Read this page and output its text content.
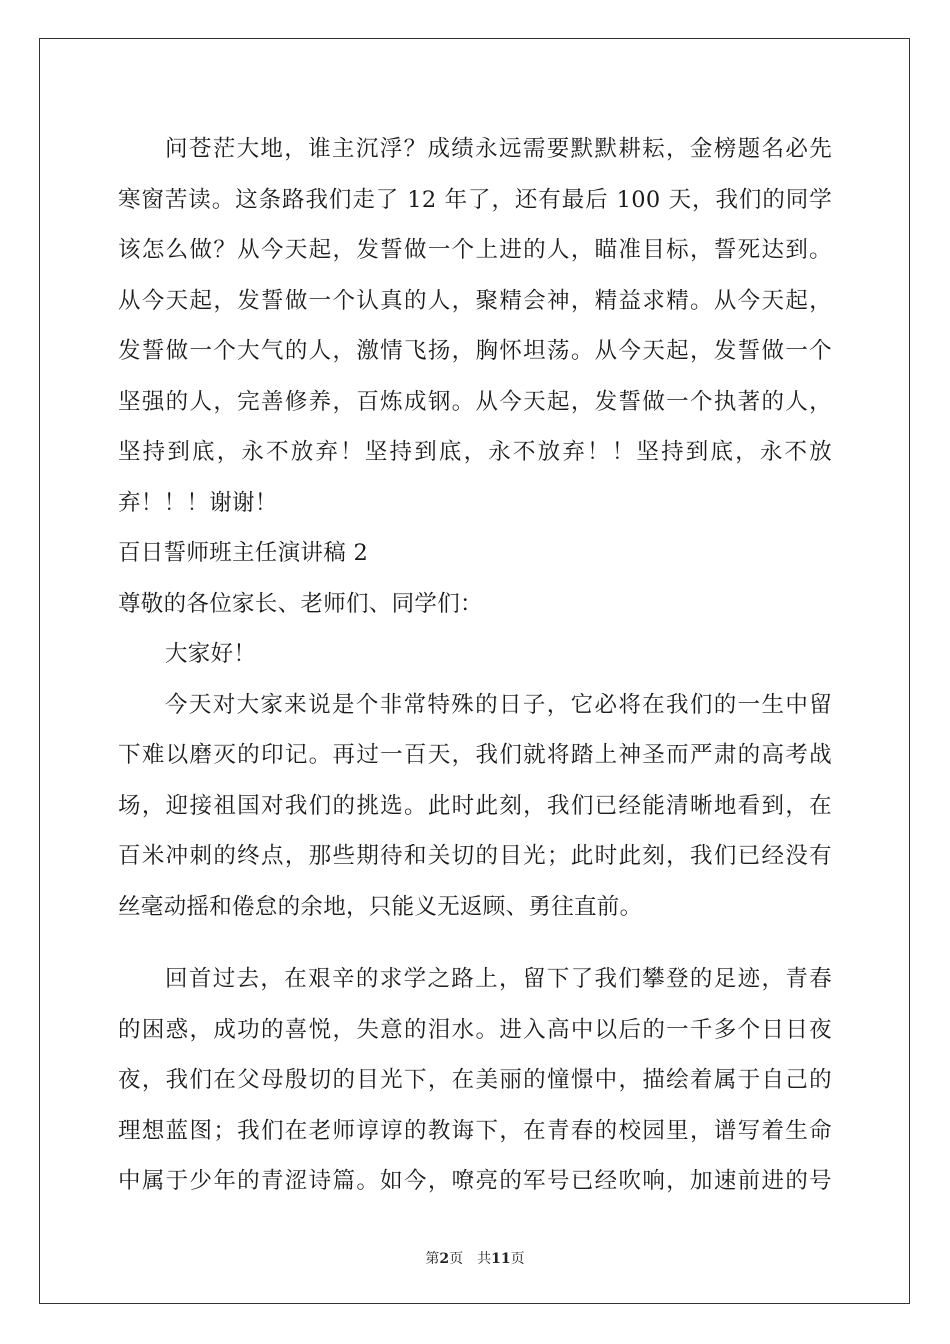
问苍茫大地，谁主沉浮？成绩永远需要默默耕耘，金榜题名必先
寒窗苦读。这条路我们走了 12 年了，还有最后 100 天，我们的同学
该怎么做？从今天起，发誓做一个上进的人，瞄准目标，誓死达到。
从今天起，发誓做一个认真的人，聚精会神，精益求精。从今天起，
发誓做一个大气的人，激情飞扬，胸怀坦荡。从今天起，发誓做一个
坚强的人，完善修养，百炼成钢。从今天起，发誓做一个执著的人，
坚持到底，永不放弃！坚持到底，永不放弃！！坚持到底，永不放
弃！！！谢谢！
百日誓师班主任演讲稿 2
尊敬的各位家长、老师们、同学们：
大家好！
今天对大家来说是个非常特殊的日子，它必将在我们的一生中留
下难以磨灭的印记。再过一百天，我们就将踏上神圣而严肃的高考战
场，迎接祖国对我们的挑选。此时此刻，我们已经能清晰地看到，在
百米冲刺的终点，那些期待和关切的目光；此时此刻，我们已经没有
丝毫动摇和倦怠的余地，只能义无返顾、勇往直前。
回首过去，在艰辛的求学之路上，留下了我们攀登的足迹，青春
的困惑，成功的喜悦，失意的泪水。进入高中以后的一千多个日日夜
夜，我们在父母殷切的目光下，在美丽的憧憬中，描绘着属于自己的
理想蓝图；我们在老师谆谆的教诲下，在青春的校园里，谱写着生命
中属于少年的青涩诗篇。如今，嘹亮的军号已经吹响，加速前进的号
第2页 共11页
